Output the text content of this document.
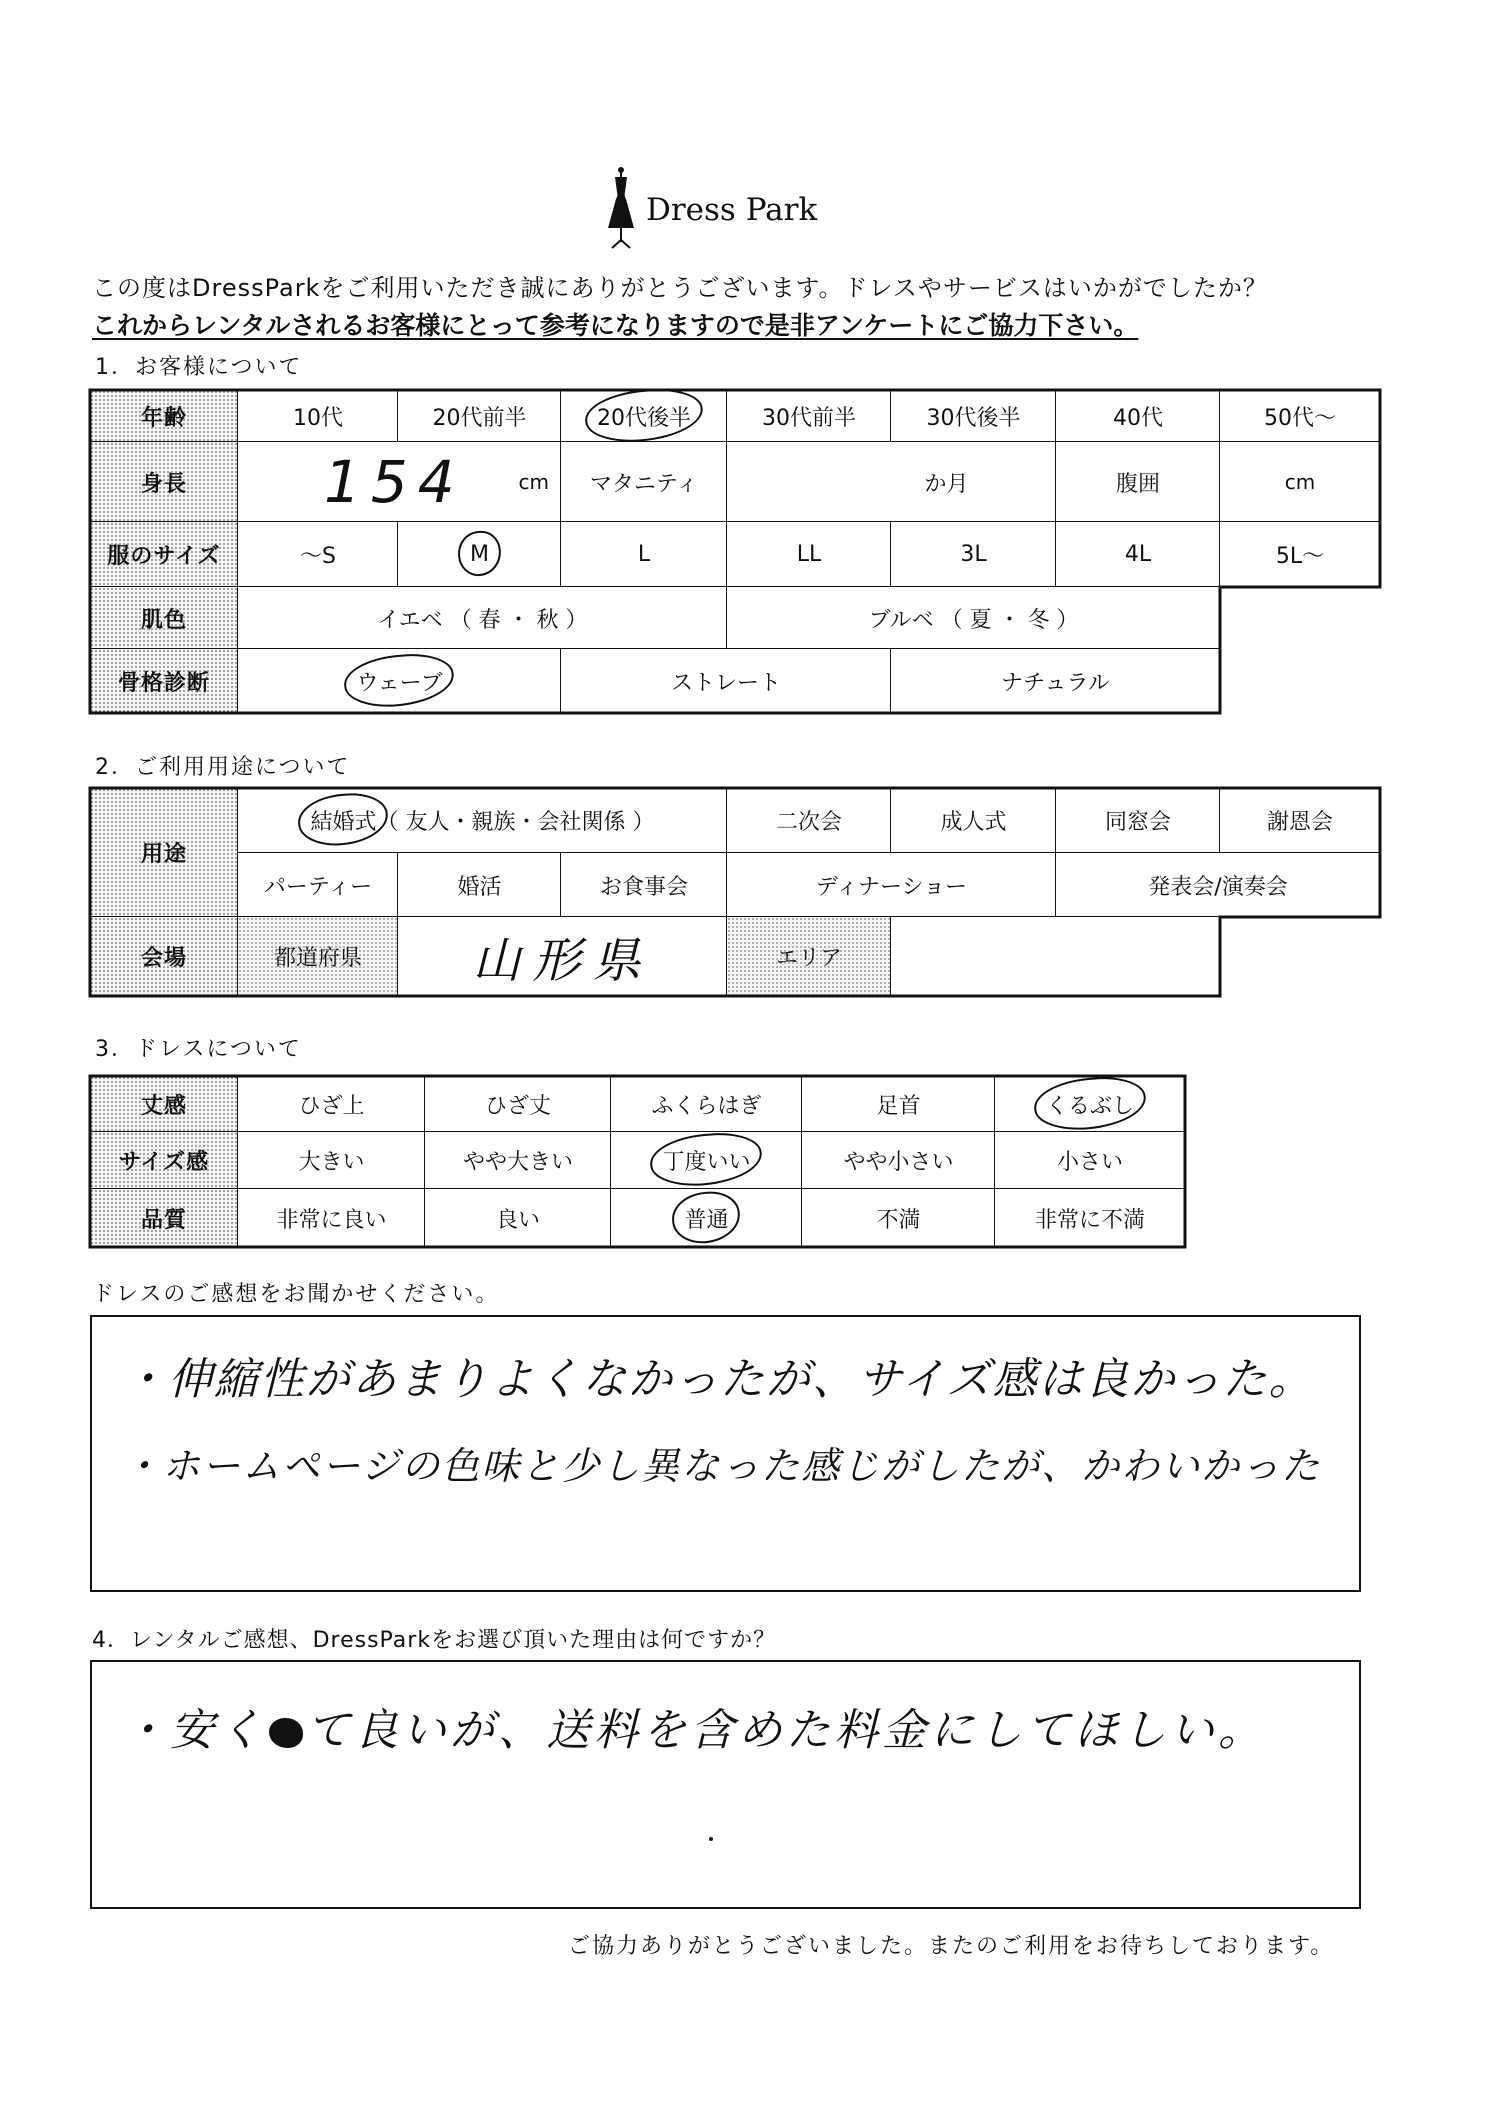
Dress Park
この度はDressParkをご利用いただき誠にありがとうございます。ドレスやサービスはいかがでしたか？
これからレンタルされるお客様にとって参考になりますので是非アンケートにご協力下さい。
1．お客様について
年齢	10代	20代前半	20代後半	30代前半	30代後半	40代	50代〜
身長	154	cm	マタニティ	か月	腹囲	cm
服のサイズ	～S	M	L	LL	3L	4L	5L～
肌色	イエベ （ 春 ・ 秋 ）	ブルベ （ 夏 ・ 冬 ）
骨格診断	ウェーブ	ストレート	ナチュラル
2．ご利用用途について
用途
結婚式 （ 友人・親族・会社関係 ）	二次会	成人式	同窓会	謝恩会
パーティー	婚活	お食事会	ディナーショー	発表会/演奏会
会場	都道府県	山形県	エリア
3．ドレスについて
丈感	ひざ上	ひざ丈	ふくらはぎ	足首	くるぶし
サイズ感	大きい	やや大きい	丁度いい	やや小さい	小さい
品質	非常に良い	良い	普通	不満	非常に不満
ドレスのご感想をお聞かせください。
・伸縮性があまりよくなかったが、サイズ感は良かった。
・ホームページの色味と少し異なった感じがしたが、かわいかった
4．レンタルご感想、DressParkをお選び頂いた理由は何ですか？
・安く て良いが、送料を含めた料金にしてほしい。
ご協力ありがとうございました。またのご利用をお待ちしております。
